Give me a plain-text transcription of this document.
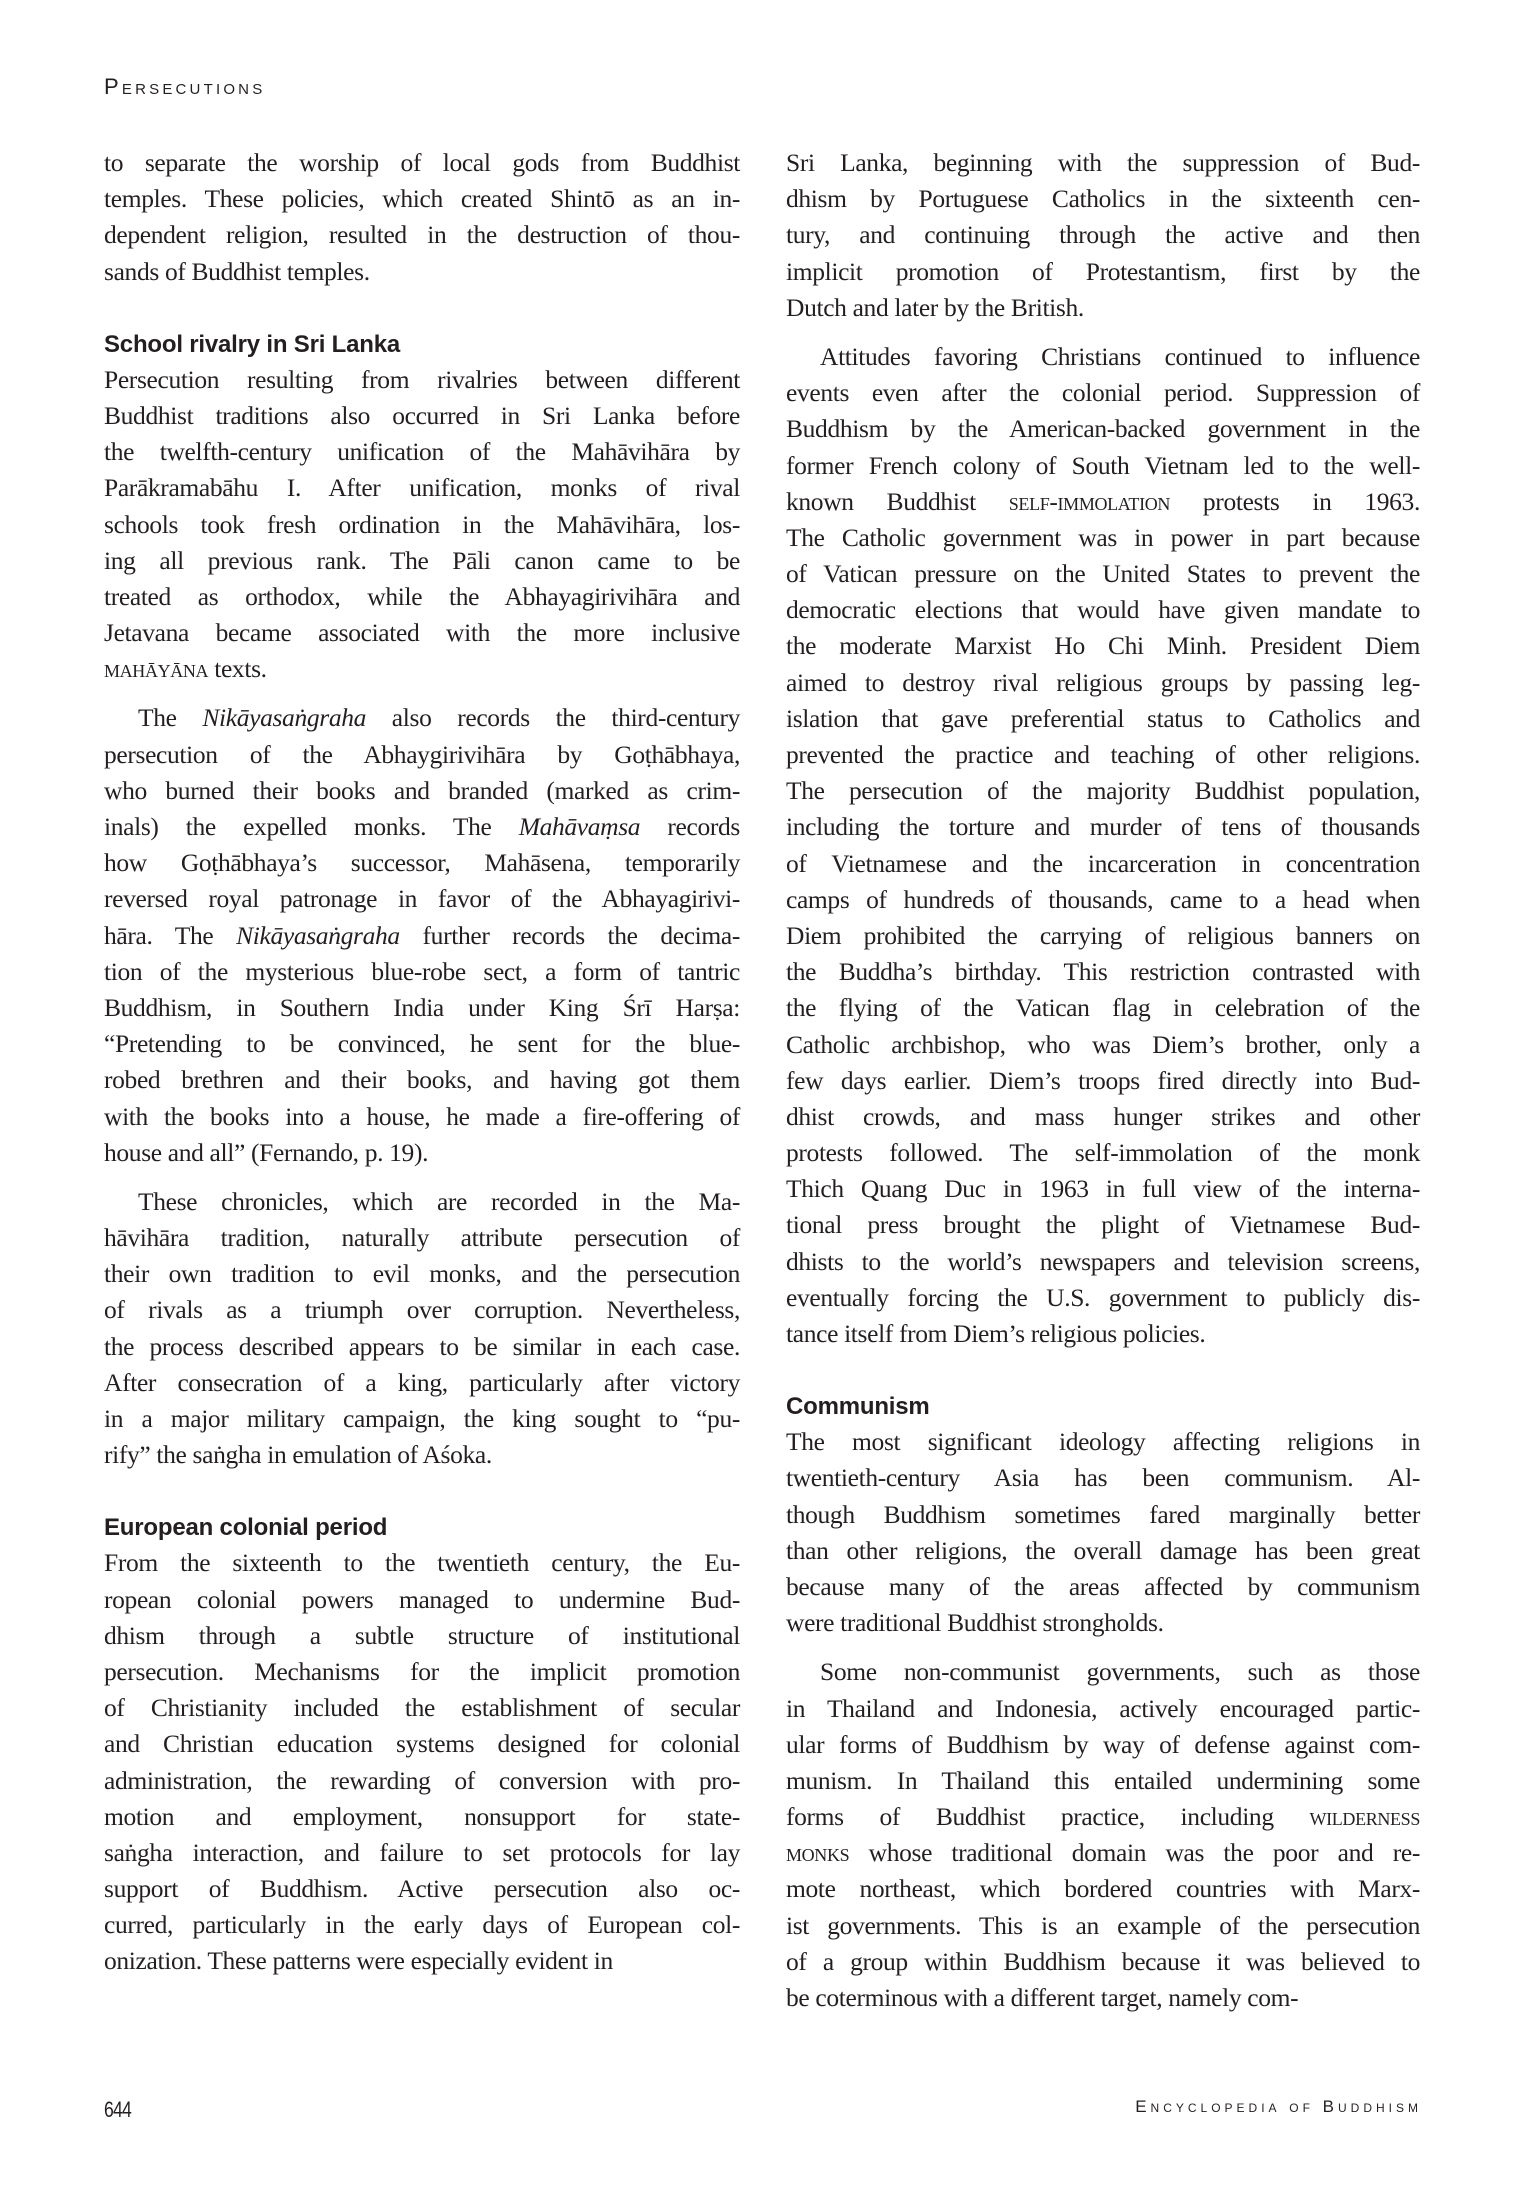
Persecutions
to separate the worship of local gods from Buddhist
temples. These policies, which created Shintō as an in-
dependent religion, resulted in the destruction of thou-
sands of Buddhist temples.
School rivalry in Sri Lanka
Persecution resulting from rivalries between different
Buddhist traditions also occurred in Sri Lanka before
the twelfth-century unification of the Mahāvihāra by
Parākramabāhu I. After unification, monks of rival
schools took fresh ordination in the Mahāvihāra, los-
ing all previous rank. The Pāli canon came to be
treated as orthodox, while the Abhayagirivihāra and
Jetavana became associated with the more inclusive
mahāyāna texts.
The Nikāyasaṅgraha also records the third-century
persecution of the Abhaygirivihāra by Goṭhābhaya,
who burned their books and branded (marked as crim-
inals) the expelled monks. The Mahāvaṃsa records
how Goṭhābhaya’s successor, Mahāsena, temporarily
reversed royal patronage in favor of the Abhayagirivi-
hāra. The Nikāyasaṅgraha further records the decima-
tion of the mysterious blue-robe sect, a form of tantric
Buddhism, in Southern India under King Śrī Harṣa:
“Pretending to be convinced, he sent for the blue-
robed brethren and their books, and having got them
with the books into a house, he made a fire-offering of
house and all” (Fernando, p. 19).
These chronicles, which are recorded in the Ma-
hāvihāra tradition, naturally attribute persecution of
their own tradition to evil monks, and the persecution
of rivals as a triumph over corruption. Nevertheless,
the process described appears to be similar in each case.
After consecration of a king, particularly after victory
in a major military campaign, the king sought to “pu-
rify” the saṅgha in emulation of Aśoka.
European colonial period
From the sixteenth to the twentieth century, the Eu-
ropean colonial powers managed to undermine Bud-
dhism through a subtle structure of institutional
persecution. Mechanisms for the implicit promotion
of Christianity included the establishment of secular
and Christian education systems designed for colonial
administration, the rewarding of conversion with pro-
motion and employment, nonsupport for state-
saṅgha interaction, and failure to set protocols for lay
support of Buddhism. Active persecution also oc-
curred, particularly in the early days of European col-
onization. These patterns were especially evident in
Sri Lanka, beginning with the suppression of Bud-
dhism by Portuguese Catholics in the sixteenth cen-
tury, and continuing through the active and then
implicit promotion of Protestantism, first by the
Dutch and later by the British.
Attitudes favoring Christians continued to influence
events even after the colonial period. Suppression of
Buddhism by the American-backed government in the
former French colony of South Vietnam led to the well-
known Buddhist self-immolation protests in 1963.
The Catholic government was in power in part because
of Vatican pressure on the United States to prevent the
democratic elections that would have given mandate to
the moderate Marxist Ho Chi Minh. President Diem
aimed to destroy rival religious groups by passing leg-
islation that gave preferential status to Catholics and
prevented the practice and teaching of other religions.
The persecution of the majority Buddhist population,
including the torture and murder of tens of thousands
of Vietnamese and the incarceration in concentration
camps of hundreds of thousands, came to a head when
Diem prohibited the carrying of religious banners on
the Buddha’s birthday. This restriction contrasted with
the flying of the Vatican flag in celebration of the
Catholic archbishop, who was Diem’s brother, only a
few days earlier. Diem’s troops fired directly into Bud-
dhist crowds, and mass hunger strikes and other
protests followed. The self-immolation of the monk
Thich Quang Duc in 1963 in full view of the interna-
tional press brought the plight of Vietnamese Bud-
dhists to the world’s newspapers and television screens,
eventually forcing the U.S. government to publicly dis-
tance itself from Diem’s religious policies.
Communism
The most significant ideology affecting religions in
twentieth-century Asia has been communism. Al-
though Buddhism sometimes fared marginally better
than other religions, the overall damage has been great
because many of the areas affected by communism
were traditional Buddhist strongholds.
Some non-communist governments, such as those
in Thailand and Indonesia, actively encouraged partic-
ular forms of Buddhism by way of defense against com-
munism. In Thailand this entailed undermining some
forms of Buddhist practice, including wilderness
monks whose traditional domain was the poor and re-
mote northeast, which bordered countries with Marx-
ist governments. This is an example of the persecution
of a group within Buddhism because it was believed to
be coterminous with a different target, namely com-
644	Encyclopedia of Buddhism
